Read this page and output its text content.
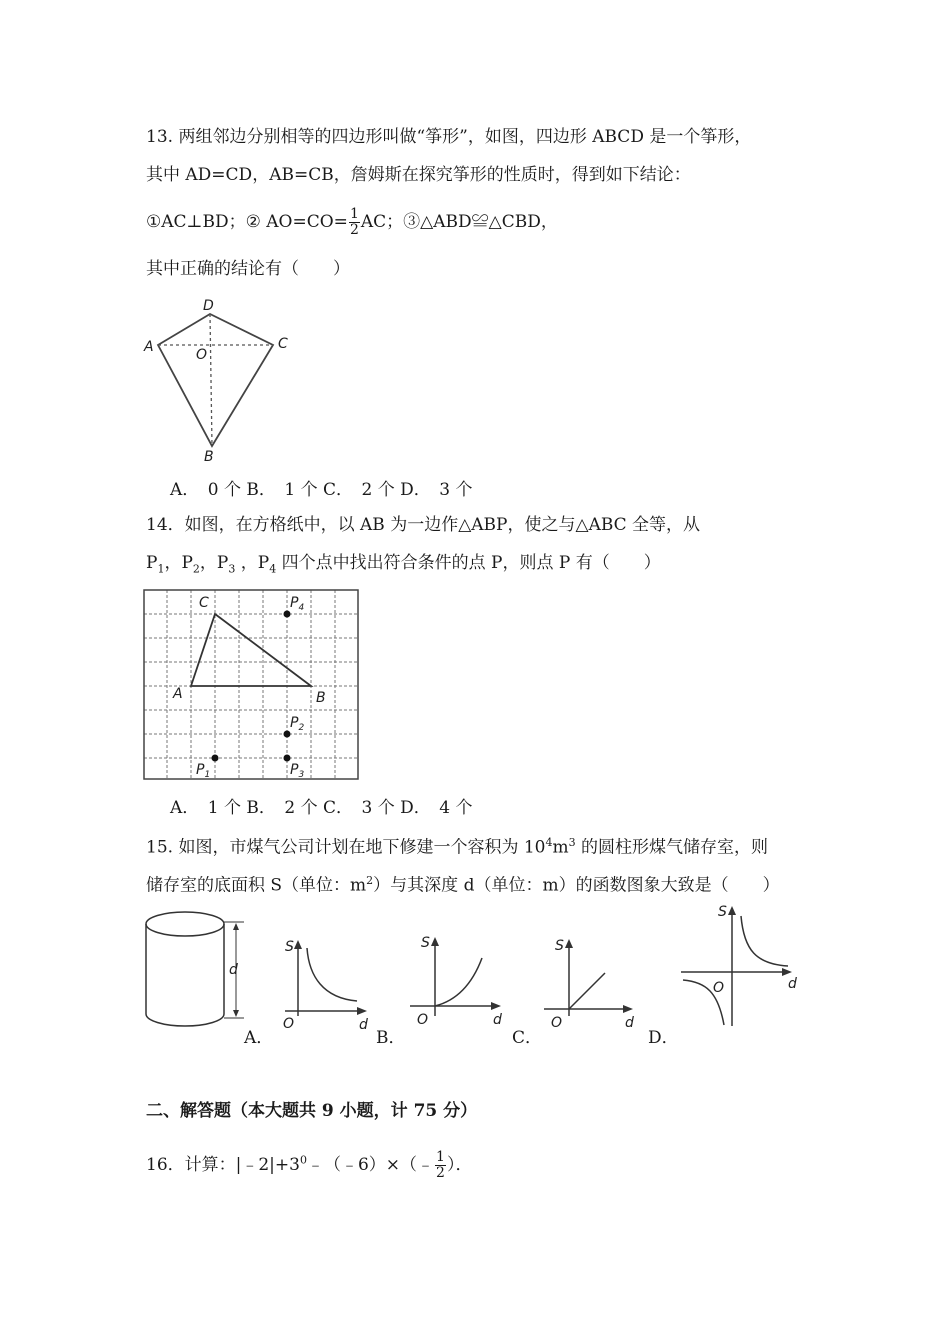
13. 两组邻边分别相等的四边形叫做“筝形”，如图，四边形 ABCD 是一个筝形，
其中 AD=CD，AB=CB，詹姆斯在探究筝形的性质时，得到如下结论：
①AC⊥BD；② $AO=CO= \frac{1}{2}$ AC；③△ABD≌△CBD，
其中正确的结论有（　　）
A
D
C
O
B
A．　0 个 B．　1 个 C．　2 个 D．　3 个
14．如图，在方格纸中，以 AB 为一边作△ABP，使之与△ABC 全等，从
$P_1$，$P_2$，$P_3$ ，$P_4$ 四个点中找出符合条件的点 P，则点 P 有（　　）
C
A	B
$P_4$
$P_2$
$P_3$
$P_1$
A．　1 个 B．　2 个 C．　3 个 D．　4 个
15. 如图，市煤气公司计划在地下修建一个容积为 $10^4m^3$ 的圆柱形煤气储存室，则
储存室的底面积 S（单位：$m^2$）与其深度 d（单位：m）的函数图象大致是（　　）
d
S
d
O
A．
S
d
O
B．
S
d
O
C．
S
d
O
D．
二、解答题（本大题共 9 小题，计 75 分）
16．计算：$|﹣2|+3^0﹣(﹣6)\times(﹣ \frac{1}{2}$ ）．
